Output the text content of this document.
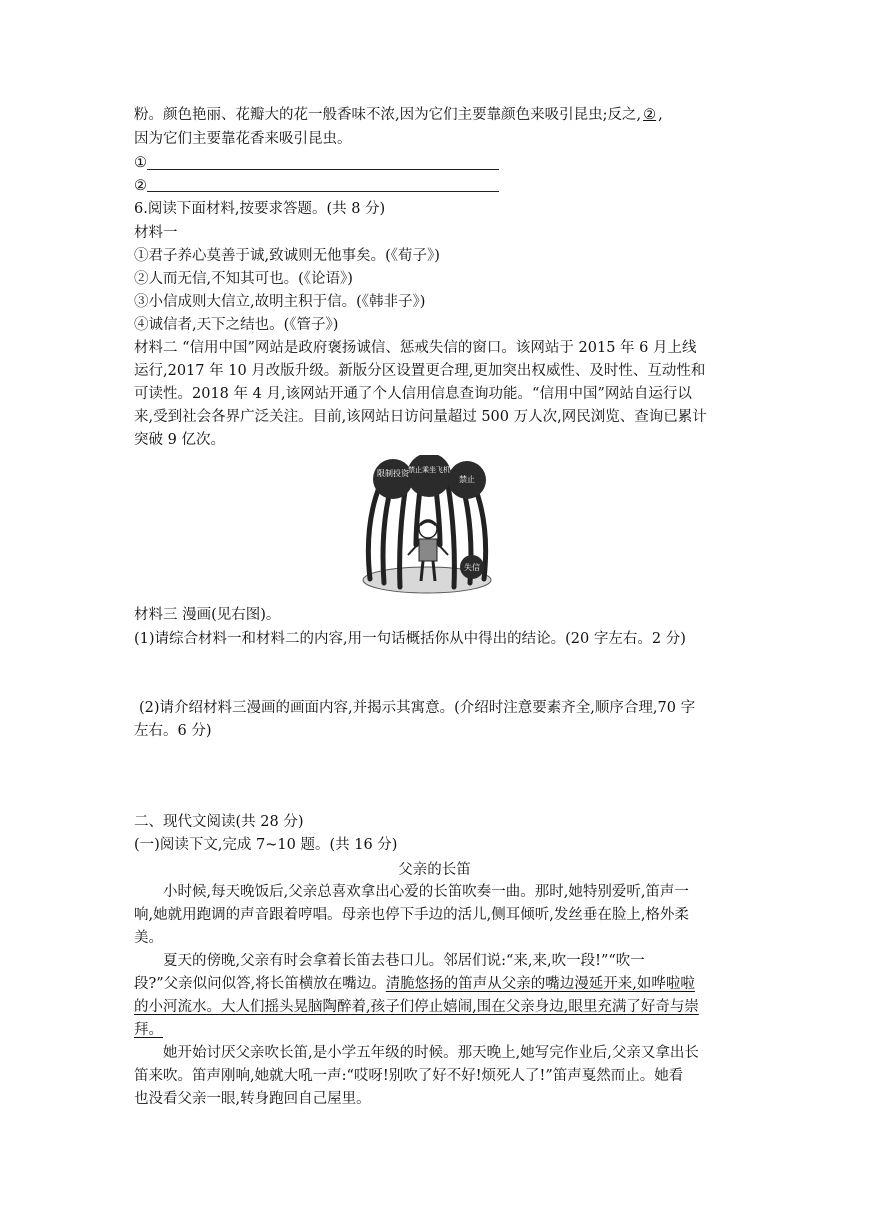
粉。颜色艳丽、花瓣大的花一般香味不浓,因为它们主要靠颜色来吸引昆虫;反之,②,
因为它们主要靠花香来吸引昆虫。
①
②
6.阅读下面材料,按要求答题。(共 8 分)
材料一
①君子养心莫善于诚,致诚则无他事矣。(《荀子》)
②人而无信,不知其可也。(《论语》)
③小信成则大信立,故明主积于信。(《韩非子》)
④诚信者,天下之结也。(《管子》)
材料二 “信用中国”网站是政府褒扬诚信、惩戒失信的窗口。该网站于 2015 年 6 月上线
运行,2017 年 10 月改版升级。新版分区设置更合理,更加突出权威性、及时性、互动性和
可读性。2018 年 4 月,该网站开通了个人信用信息查询功能。“信用中国”网站自运行以
来,受到社会各界广泛关注。目前,该网站日访问量超过 500 万人次,网民浏览、查询已累计
突破 9 亿次。
限制投资 禁止乘坐飞机
禁止
失信
材料三 漫画(见右图)。
(1)请综合材料一和材料二的内容,用一句话概括你从中得出的结论。(20 字左右。2 分)
(2)请介绍材料三漫画的画面内容,并揭示其寓意。(介绍时注意要素齐全,顺序合理,70 字
左右。6 分)
二、现代文阅读(共 28 分)
(一)阅读下文,完成 7~10 题。(共 16 分)
父亲的长笛
小时候,每天晚饭后,父亲总喜欢拿出心爱的长笛吹奏一曲。那时,她特别爱听,笛声一
响,她就用跑调的声音跟着哼唱。母亲也停下手边的活儿,侧耳倾听,发丝垂在脸上,格外柔
美。
夏天的傍晚,父亲有时会拿着长笛去巷口儿。邻居们说:“来,来,吹一段!”“吹一
段?”父亲似问似答,将长笛横放在嘴边。清脆悠扬的笛声从父亲的嘴边漫延开来,如哗啦啦
的小河流水。大人们摇头晃脑陶醉着,孩子们停止嬉闹,围在父亲身边,眼里充满了好奇与崇
拜。
她开始讨厌父亲吹长笛,是小学五年级的时候。那天晚上,她写完作业后,父亲又拿出长
笛来吹。笛声刚响,她就大吼一声:“哎呀!别吹了好不好!烦死人了!”笛声戛然而止。她看
也没看父亲一眼,转身跑回自己屋里。
